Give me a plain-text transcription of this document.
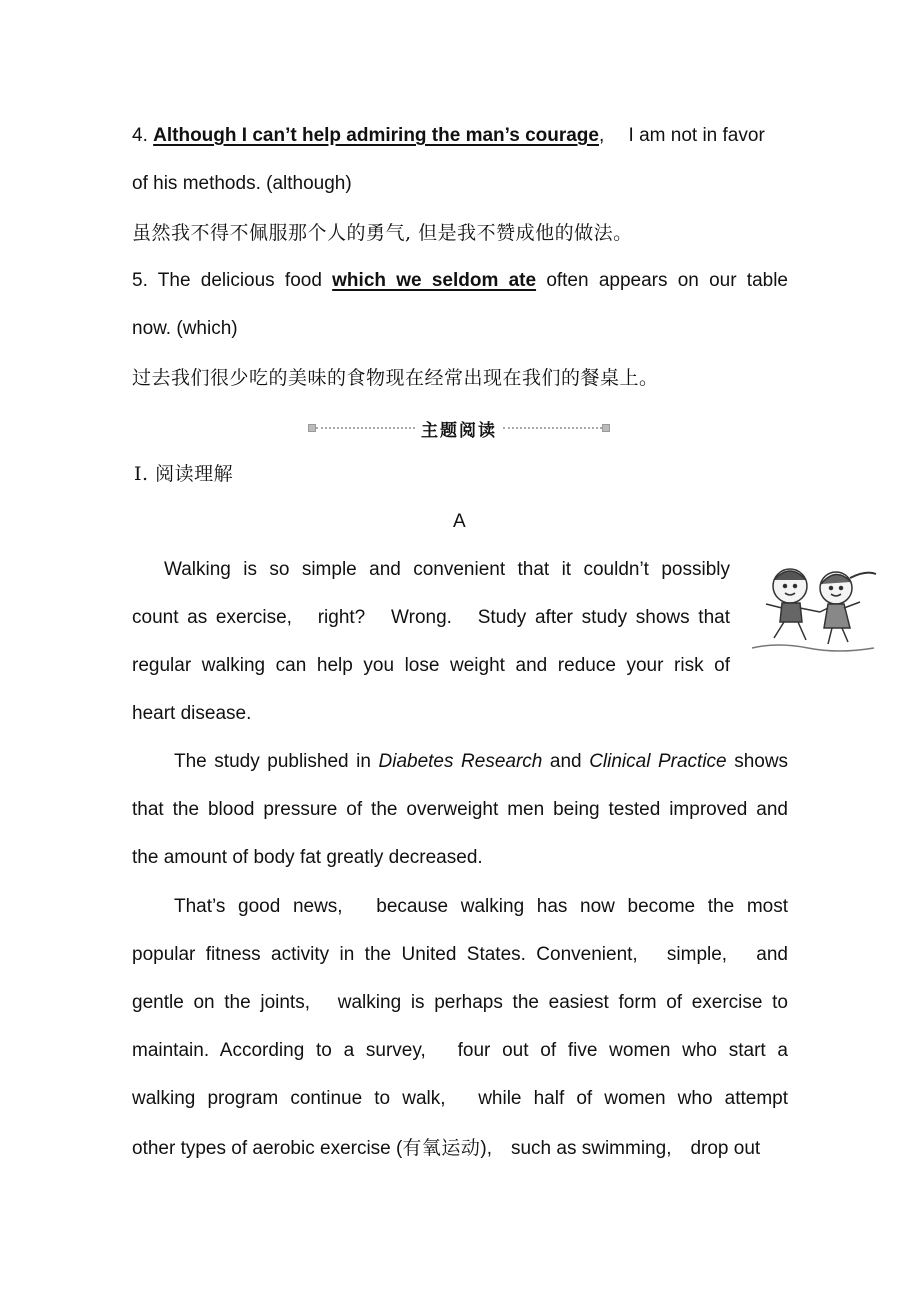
4. Although I can’t help admiring the man’s courage,　 I am not in favor
of his methods. (although)
虽然我不得不佩服那个人的勇气, 但是我不赞成他的做法。
5. The delicious food which we seldom ate often appears on our table
now. (which)
过去我们很少吃的美味的食物现在经常出现在我们的餐桌上。
主题阅读
Ⅰ. 阅读理解
A
Walking is so simple and convenient that it couldn’t possibly
count as exercise,　right?　Wrong.　Study after study shows that
regular walking can help you lose weight and reduce your risk of
heart disease.
The study published in Diabetes Research and Clinical Practice shows
that the blood pressure of the overweight men being tested improved and
the amount of body fat greatly decreased.
That’s good news,　because walking has now become the most
popular fitness activity in the United States. Convenient,　simple,　and
gentle on the joints,　walking is perhaps the easiest form of exercise to
maintain. According to a survey,　four out of five women who start a
walking program continue to walk,　while half of women who attempt
other types of aerobic exercise (有氧运动),　such as swimming,　drop out
